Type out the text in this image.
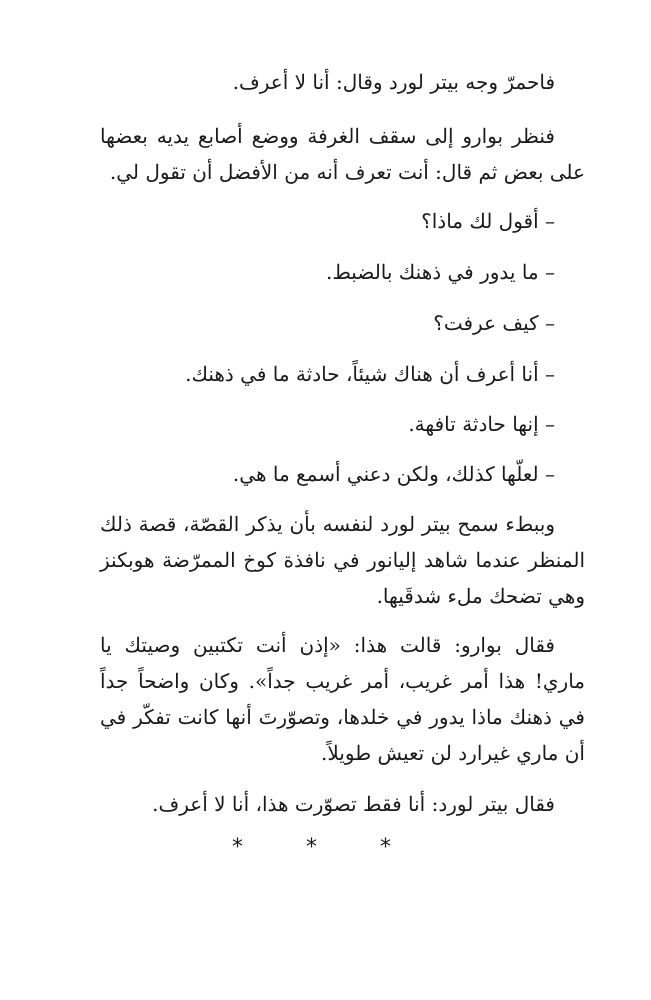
فاحمرّ وجه بيتر لورد وقال: أنا لا أعرف.

فنظر بوارو إلى سقف الغرفة ووضع أصابع يديه بعضها على بعض ثم قال: أنت تعرف أنه من الأفضل أن تقول لي.

– أقول لك ماذا؟

– ما يدور في ذهنك بالضبط.

– كيف عرفت؟

– أنا أعرف أن هناك شيئاً، حادثة ما في ذهنك.

– إنها حادثة تافهة.

– لعلّها كذلك، ولكن دعني أسمع ما هي.

وببطء سمح بيتر لورد لنفسه بأن يذكر القصّة، قصة ذلك المنظر عندما شاهد إليانور في نافذة كوخ الممرّضة هوبكنز وهي تضحك ملء شدقَيها.

فقال بوارو: قالت هذا: «إذن أنت تكتبين وصيتك يا ماري! هذا أمر غريب، أمر غريب جداً». وكان واضحاً جداً في ذهنك ماذا يدور في خلدها، وتصوّرتَ أنها كانت تفكّر في أن ماري غيرارد لن تعيش طويلاً.

فقال بيتر لورد: أنا فقط تصوّرت هذا، أنا لا أعرف.

* * *
